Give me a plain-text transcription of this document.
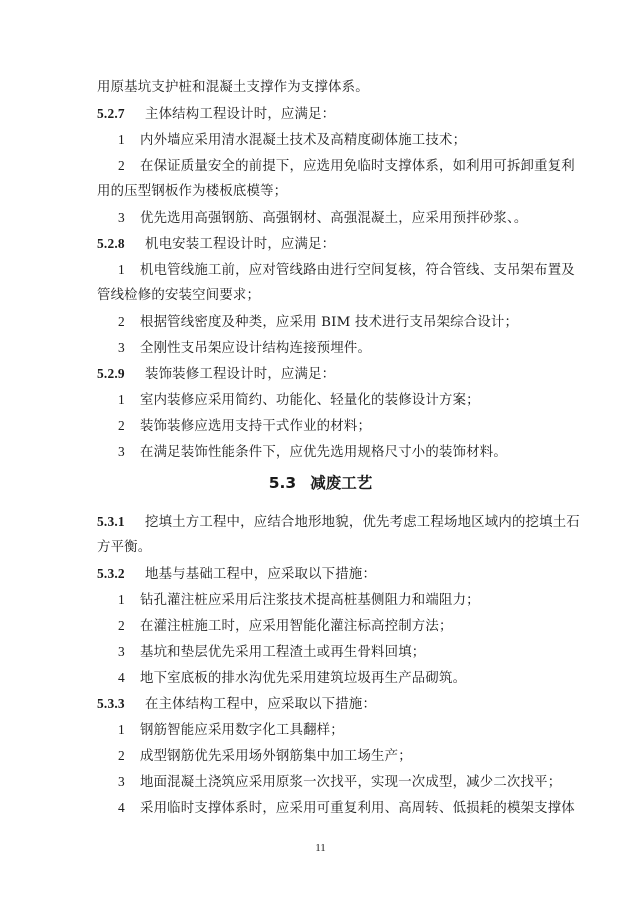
用原基坑支护桩和混凝土支撑作为支撑体系。
5.2.7 主体结构工程设计时，应满足：
1 内外墙应采用清水混凝土技术及高精度砌体施工技术；
2 在保证质量安全的前提下，应选用免临时支撑体系，如利用可拆卸重复利
用的压型钢板作为楼板底模等；
3 优先选用高强钢筋、高强钢材、高强混凝土，应采用预拌砂浆、。
5.2.8 机电安装工程设计时，应满足：
1 机电管线施工前，应对管线路由进行空间复核，符合管线、支吊架布置及
管线检修的安装空间要求；
2 根据管线密度及种类，应采用 BIM 技术进行支吊架综合设计；
3 全刚性支吊架应设计结构连接预埋件。
5.2.9 装饰装修工程设计时，应满足：
1 室内装修应采用简约、功能化、轻量化的装修设计方案；
2 装饰装修应选用支持干式作业的材料；
3 在满足装饰性能条件下，应优先选用规格尺寸小的装饰材料。
5.3 减废工艺
5.3.1 挖填土方工程中，应结合地形地貌，优先考虑工程场地区域内的挖填土石
方平衡。
5.3.2 地基与基础工程中，应采取以下措施：
1 钻孔灌注桩应采用后注浆技术提高桩基侧阻力和端阻力；
2 在灌注桩施工时，应采用智能化灌注标高控制方法；
3 基坑和垫层优先采用工程渣土或再生骨料回填；
4 地下室底板的排水沟优先采用建筑垃圾再生产品砌筑。
5.3.3 在主体结构工程中，应采取以下措施：
1 钢筋智能应采用数字化工具翻样；
2 成型钢筋优先采用场外钢筋集中加工场生产；
3 地面混凝土浇筑应采用原浆一次找平，实现一次成型，减少二次找平；
4 采用临时支撑体系时，应采用可重复利用、高周转、低损耗的模架支撑体
11
